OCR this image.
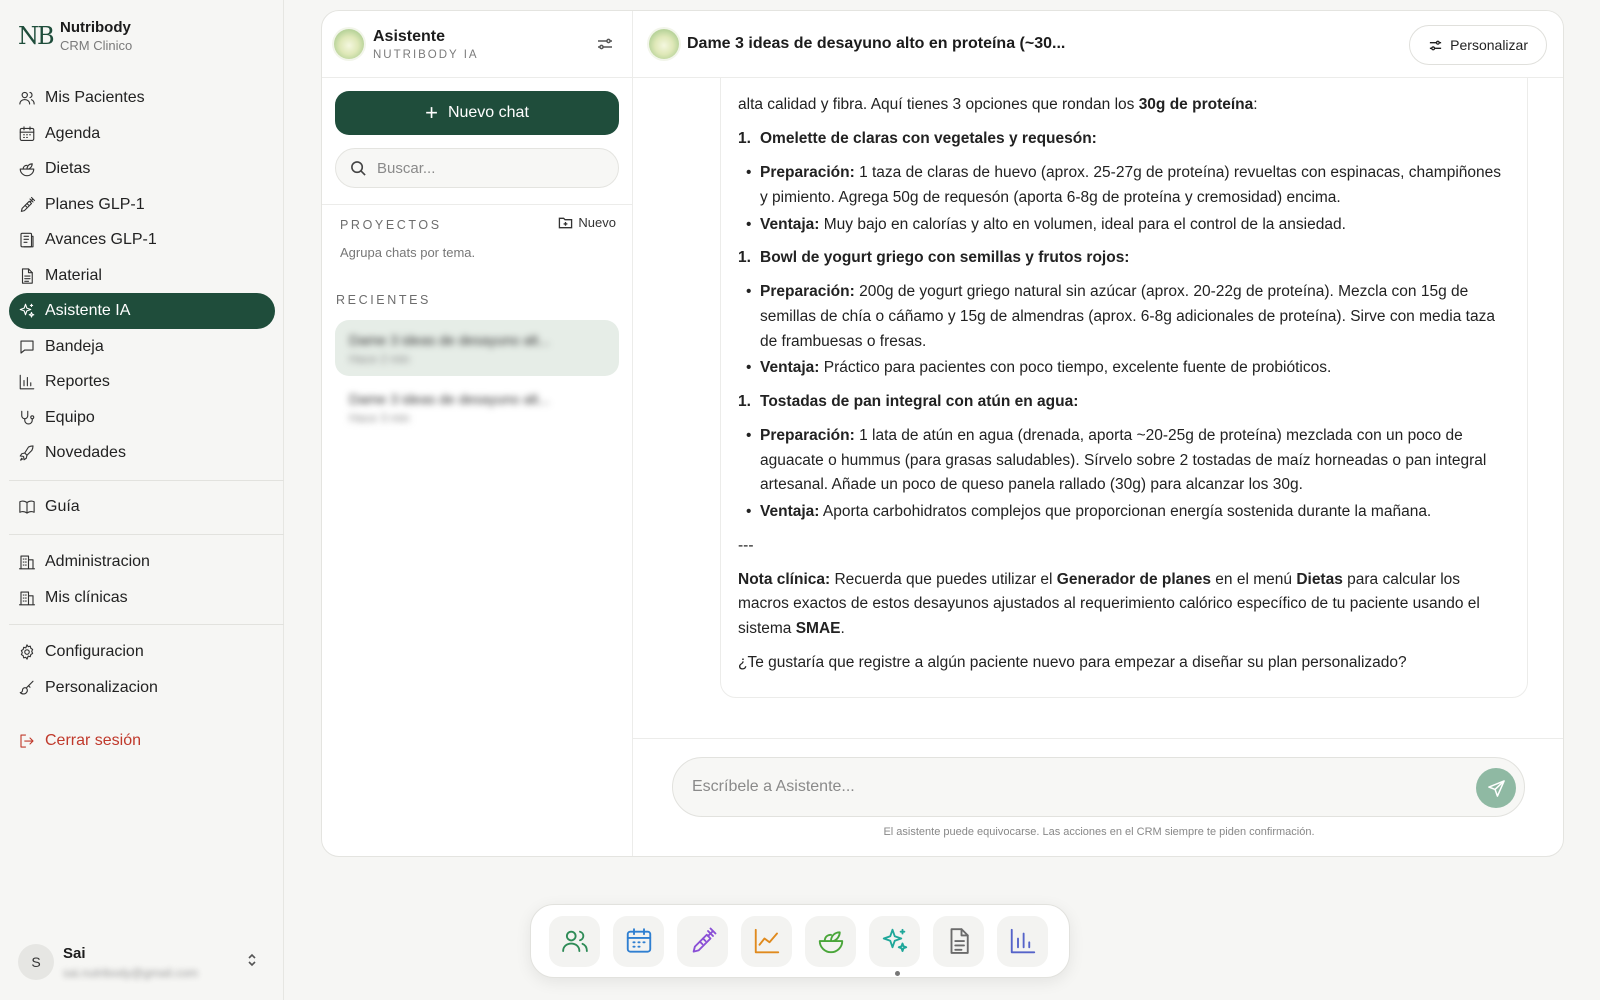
NB Nutribody
CRM Clinico
Mis Pacientes
Agenda
Dietas
Planes GLP-1
Avances GLP-1
Material
Asistente IA
Bandeja
Reportes
Equipo
Novedades
Guía
Administracion
Mis clínicas
Configuracion
Personalizacion
Cerrar sesión
S
Sai
sai.nutribody@gmail.com
Asistente
NUTRIBODY IA
+ Nuevo chat
Buscar...
PROYECTOS	Nuevo
Agrupa chats por tema.
RECIENTES
Dame 3 ideas de desayuno alt...
Hace 2 min
Dame 3 ideas de desayuno alt...
Hace 3 min
Dame 3 ideas de desayuno alto en proteína (~30...	Personalizar
alta calidad y fibra. Aquí tienes 3 opciones que rondan los 30g de proteína:
1. Omelette de claras con vegetales y requesón:
• Preparación: 1 taza de claras de huevo (aprox. 25-27g de proteína) revueltas con espinacas, champiñones
y pimiento. Agrega 50g de requesón (aporta 6-8g de proteína y cremosidad) encima.
• Ventaja: Muy bajo en calorías y alto en volumen, ideal para el control de la ansiedad.
1. Bowl de yogurt griego con semillas y frutos rojos:
• Preparación: 200g de yogurt griego natural sin azúcar (aprox. 20-22g de proteína). Mezcla con 15g de
semillas de chía o cáñamo y 15g de almendras (aprox. 6-8g adicionales de proteína). Sirve con media taza
de frambuesas o fresas.
• Ventaja: Práctico para pacientes con poco tiempo, excelente fuente de probióticos.
1. Tostadas de pan integral con atún en agua:
• Preparación: 1 lata de atún en agua (drenada, aporta ~20-25g de proteína) mezclada con un poco de
aguacate o hummus (para grasas saludables). Sírvelo sobre 2 tostadas de maíz horneadas o pan integral
artesanal. Añade un poco de queso panela rallado (30g) para alcanzar los 30g.
• Ventaja: Aporta carbohidratos complejos que proporcionan energía sostenida durante la mañana.
---
Nota clínica: Recuerda que puedes utilizar el Generador de planes en el menú Dietas para calcular los
macros exactos de estos desayunos ajustados al requerimiento calórico específico de tu paciente usando el
sistema SMAE.
¿Te gustaría que registre a algún paciente nuevo para empezar a diseñar su plan personalizado?
Escríbele a Asistente...
El asistente puede equivocarse. Las acciones en el CRM siempre te piden confirmación.
